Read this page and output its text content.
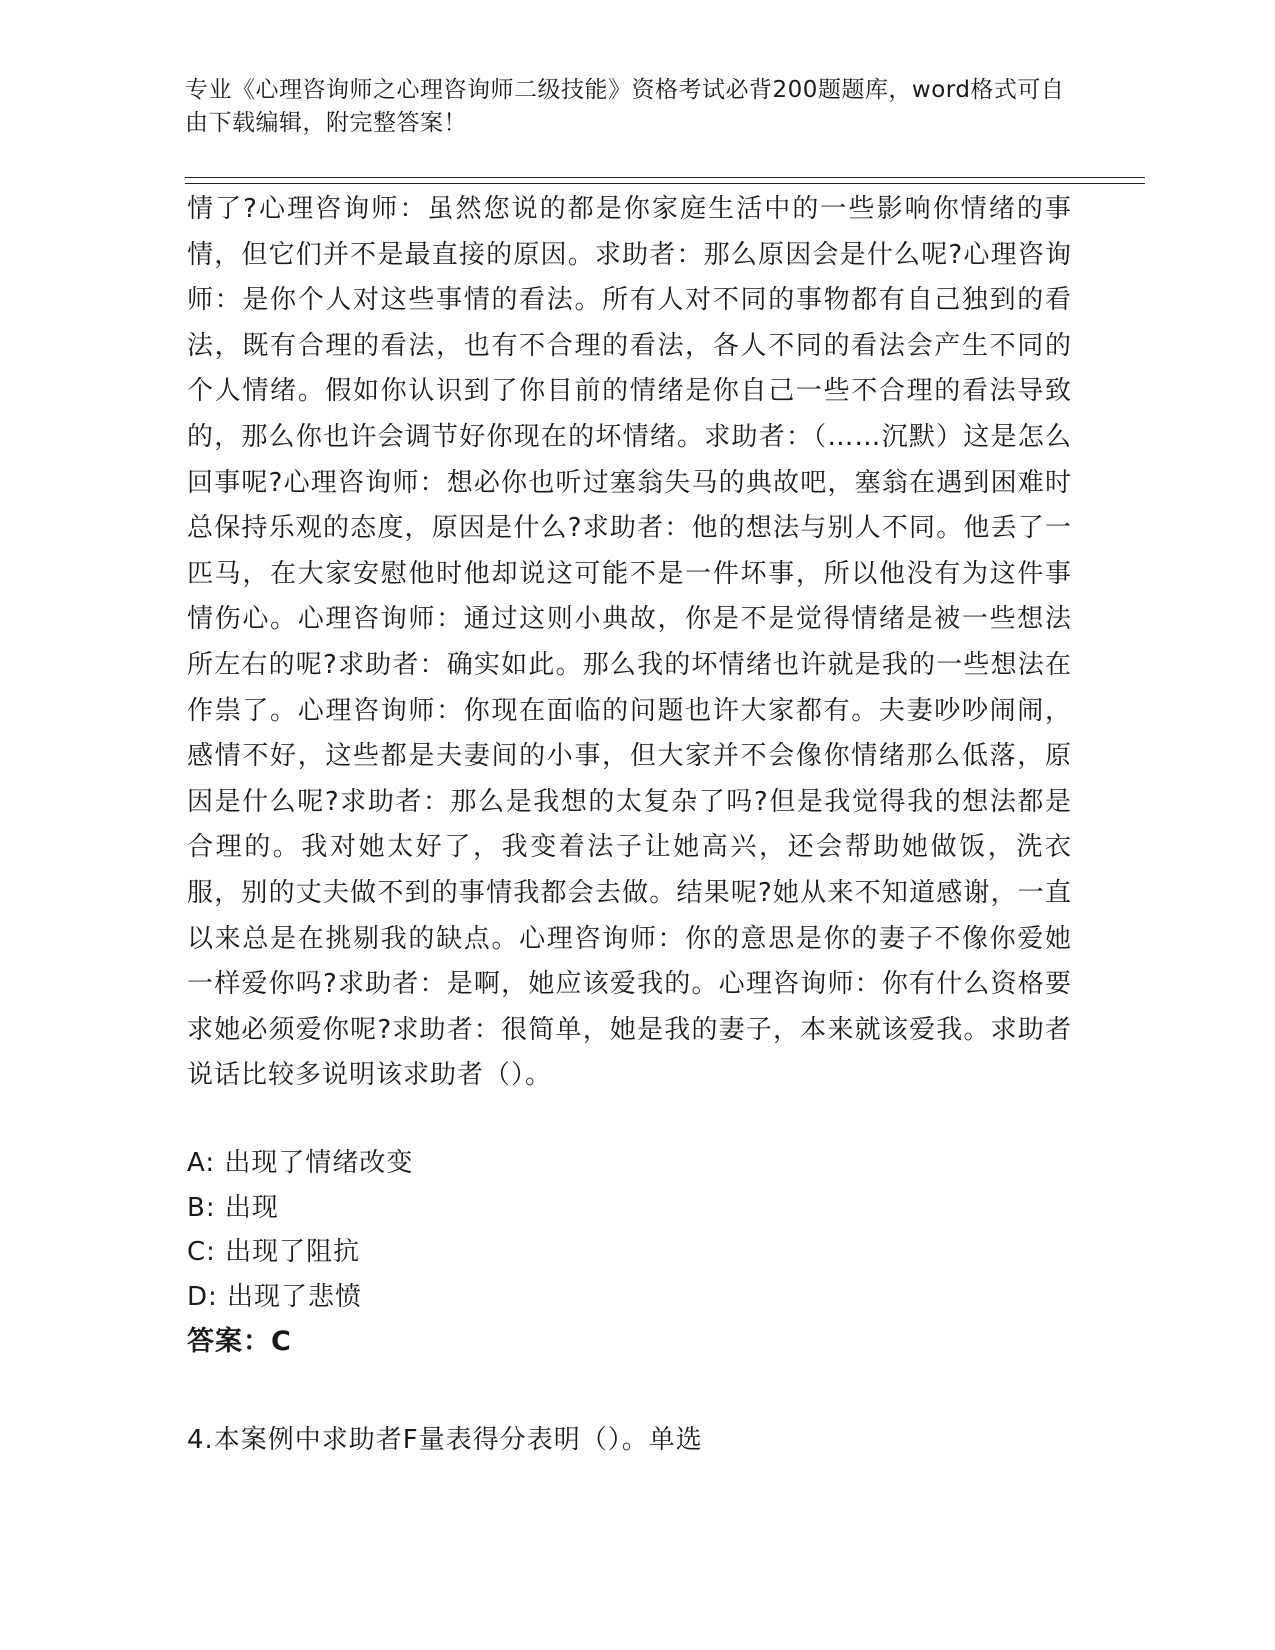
专业《心理咨询师之心理咨询师二级技能》资格考试必背200题题库，word格式可自由下载编辑，附完整答案！
情了?心理咨询师：虽然您说的都是你家庭生活中的一些影响你情绪的事情，但它们并不是最直接的原因。求助者：那么原因会是什么呢?心理咨询师：是你个人对这些事情的看法。所有人对不同的事物都有自己独到的看法，既有合理的看法，也有不合理的看法，各人不同的看法会产生不同的个人情绪。假如你认识到了你目前的情绪是你自己一些不合理的看法导致的，那么你也许会调节好你现在的坏情绪。求助者：（……沉默）这是怎么回事呢?心理咨询师：想必你也听过塞翁失马的典故吧，塞翁在遇到困难时总保持乐观的态度，原因是什么?求助者：他的想法与别人不同。他丢了一匹马，在大家安慰他时他却说这可能不是一件坏事，所以他没有为这件事情伤心。心理咨询师：通过这则小典故，你是不是觉得情绪是被一些想法所左右的呢?求助者：确实如此。那么我的坏情绪也许就是我的一些想法在作祟了。心理咨询师：你现在面临的问题也许大家都有。夫妻吵吵闹闹，感情不好，这些都是夫妻间的小事，但大家并不会像你情绪那么低落，原因是什么呢?求助者：那么是我想的太复杂了吗?但是我觉得我的想法都是合理的。我对她太好了，我变着法子让她高兴，还会帮助她做饭，洗衣服，别的丈夫做不到的事情我都会去做。结果呢?她从来不知道感谢，一直以来总是在挑剔我的缺点。心理咨询师：你的意思是你的妻子不像你爱她一样爱你吗?求助者：是啊，她应该爱我的。心理咨询师：你有什么资格要求她必须爱你呢?求助者：很简单，她是我的妻子，本来就该爱我。求助者说话比较多说明该求助者（）。
A: 出现了情绪改变
B: 出现
C: 出现了阻抗
D: 出现了悲愤
答案：C
4.本案例中求助者F量表得分表明（）。单选
